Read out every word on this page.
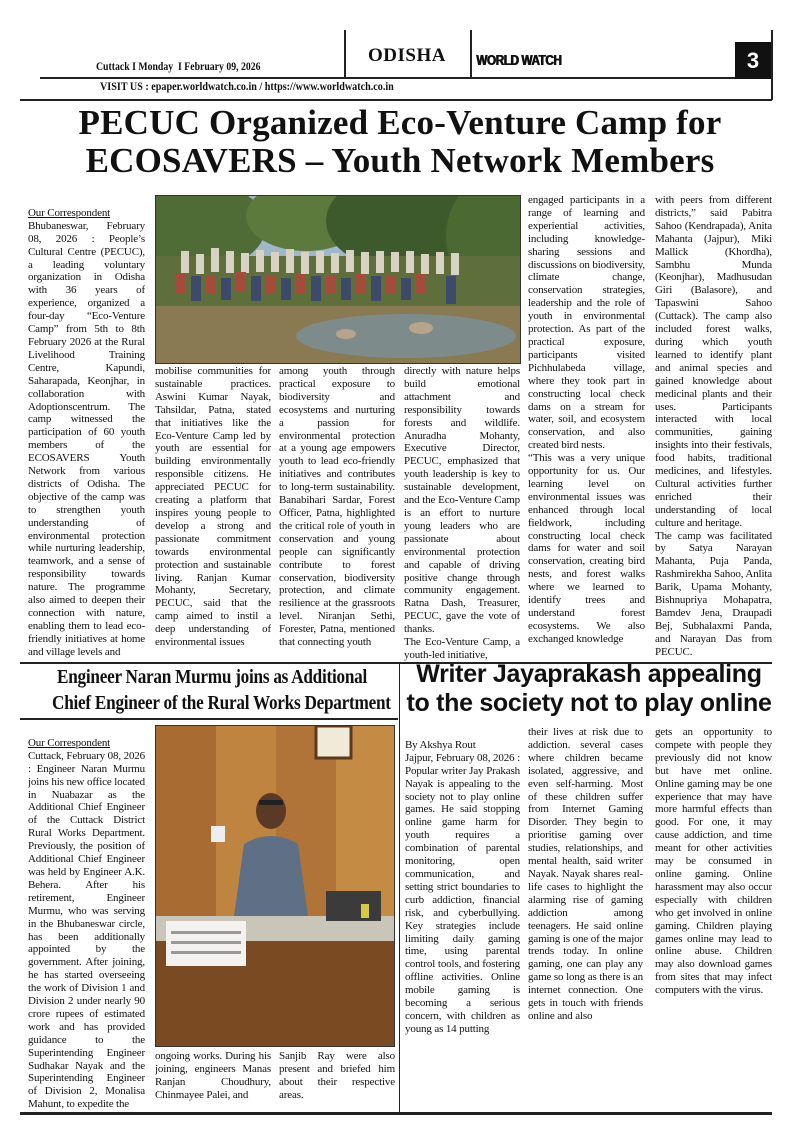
Cuttack I Monday  I February 09, 2026
ODISHA WORLD WATCH	3
VISIT US : epaper.worldwatch.co.in / https://www.worldwatch.co.in
PECUC Organized Eco-Venture Camp for
ECOSAVERS – Youth Network Members

Our Correspondent
Bhubaneswar, February 08, 2026 : People’s Cultural Centre (PECUC), a leading voluntary organization in Odisha with 36 years of experience, organized a four-day “Eco-Venture Camp” from 5th to 8th February 2026 at the Rural Livelihood Training Centre, Kapundi, Saharapada, Keonjhar, in collaboration with Adoptionscentrum. The camp witnessed the participation of 60 youth members of the ECOSAVERS Youth Network from various districts of Odisha. The objective of the camp was to strengthen youth understanding of environmental protection while nurturing leadership, teamwork, and a sense of responsibility towards nature. The programme also aimed to deepen their connection with nature, enabling them to lead eco-friendly initiatives at home and village levels and

mobilise communities for sustainable practices. Aswini Kumar Nayak, Tahsildar, Patna, stated that initiatives like the Eco-Venture Camp led by youth are essential for building environmentally responsible citizens. He appreciated PECUC for creating a platform that inspires young people to develop a strong and passionate commitment towards environmental protection and sustainable living. Ranjan Kumar Mohanty, Secretary, PECUC, said that the camp aimed to instil a deep understanding of environmental issues
among youth through practical exposure to biodiversity and ecosystems and nurturing a passion for environmental protection at a young age empowers youth to lead eco-friendly initiatives and contributes to long-term sustainability. Banabihari Sardar, Forest Officer, Patna, highlighted the critical role of youth in conservation and young people can significantly contribute to forest conservation, biodiversity protection, and climate resilience at the grassroots level. Niranjan Sethi, Forester, Patna, mentioned that connecting youth
directly with nature helps build emotional attachment and responsibility towards forests and wildlife. Anuradha Mohanty, Executive Director, PECUC, emphasized that youth leadership is key to sustainable development, and the Eco-Venture Camp is an effort to nurture young leaders who are passionate about environmental protection and capable of driving positive change through community engagement. Ratna Dash, Treasurer, PECUC, gave the vote of thanks.
The Eco-Venture Camp, a youth-led initiative,
engaged participants in a range of learning and experiential activities, including knowledge-sharing sessions and discussions on biodiversity, climate change, conservation strategies, leadership and the role of youth in environmental protection. As part of the practical exposure, participants visited Pichhulabeda village, where they took part in constructing local check dams on a stream for water, soil, and ecosystem conservation, and also created bird nests.
“This was a very unique opportunity for us. Our learning level on environmental issues was enhanced through local fieldwork, including constructing local check dams for water and soil conservation, creating bird nests, and forest walks where we learned to identify trees and understand forest ecosystems. We also exchanged knowledge
with peers from different districts,” said Pabitra Sahoo (Kendrapada), Anita Mahanta (Jajpur), Miki Mallick (Khordha), Sambhu Munda (Keonjhar), Madhusudan Giri (Balasore), and Tapaswini Sahoo (Cuttack). The camp also included forest walks, during which youth learned to identify plant and animal species and gained knowledge about medicinal plants and their uses. Participants interacted with local communities, gaining insights into their festivals, food habits, traditional medicines, and lifestyles. Cultural activities further enriched their understanding of local culture and heritage.
The camp was facilitated by Satya Narayan Mahanta, Puja Panda, Rashmirekha Sahoo, Anlita Barik, Upama Mohanty, Bishnupriya Mohapatra, Bamdev Jena, Draupadi Bej, Subhalaxmi Panda, and Narayan Das from PECUC.
Engineer Naran Murmu joins as Additional
Chief Engineer of the Rural Works Department

Our Correspondent
Cuttack, February 08, 2026 : Engineer Naran Murmu joins his new office located in Nuabazar as the Additional Chief Engineer of the Cuttack District Rural Works Department. Previously, the position of Additional Chief Engineer was held by Engineer A.K. Behera. After his retirement, Engineer Murmu, who was serving in the Bhubaneswar circle, has been additionally appointed by the government. After joining, he has started overseeing the work of Division 1 and Division 2 under nearly 90 crore rupees of estimated work and has provided guidance to the Superintending Engineer Sudhakar Nayak and the Superintending Engineer of Division 2, Monalisa Mahunt, to expedite the

ongoing works. During his joining, engineers Manas Ranjan Choudhury, Chinmayee Palei, and
Sanjib Ray were also present and briefed him about their respective areas.
Writer Jayaprakash appealing
to the society not to play online

By Akshya Rout
Jajpur, February 08, 2026 : Popular writer Jay Prakash Nayak is appealing to the society not to play online games. He said stopping online game harm for youth requires a combination of parental monitoring, open communication, and setting strict boundaries to curb addiction, financial risk, and cyberbullying. Key strategies include limiting daily gaming time, using parental control tools, and fostering offline activities. Online mobile gaming is becoming a serious concern, with children as young as 14 putting

their lives at risk due to addiction. several cases where children became isolated, aggressive, and even self-harming. Most of these children suffer from Internet Gaming Disorder. They begin to prioritise gaming over studies, relationships, and mental health, said writer Nayak. Nayak shares real-life cases to highlight the alarming rise of gaming addiction among teenagers. He said online gaming is one of the major trends today. In online gaming, one can play any game so long as there is an internet connection. One gets in touch with friends online and also
gets an opportunity to compete with people they previously did not know but have met online. Online gaming may be one experience that may have more harmful effects than good. For one, it may cause addiction, and time meant for other activities may be consumed in online gaming. Online harassment may also occur especially with children who get involved in online gaming. Children playing games online may lead to online abuse. Children may also download games from sites that may infect computers with the virus.
